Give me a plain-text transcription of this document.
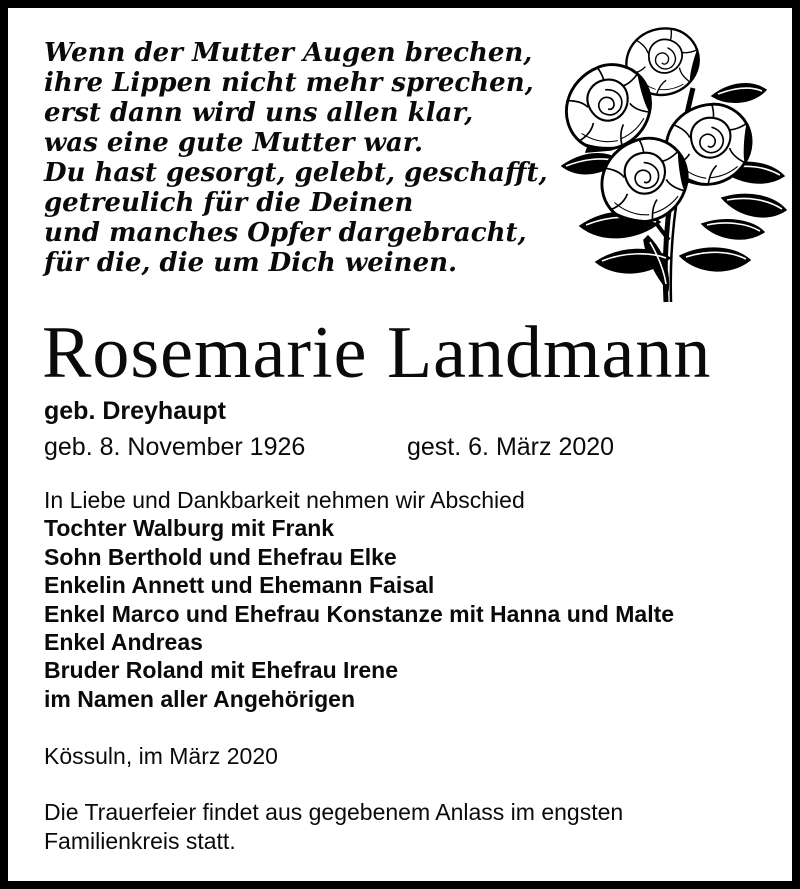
Wenn der Mutter Augen brechen,
ihre Lippen nicht mehr sprechen,
erst dann wird uns allen klar,
was eine gute Mutter war.
Du hast gesorgt, gelebt, geschafft,
getreulich für die Deinen
und manches Opfer dargebracht,
für die, die um Dich weinen.
Rosemarie Landmann
geb. Dreyhaupt
geb. 8. November 1926	gest. 6. März 2020
In Liebe und Dankbarkeit nehmen wir Abschied
Tochter Walburg mit Frank
Sohn Berthold und Ehefrau Elke
Enkelin Annett und Ehemann Faisal
Enkel Marco und Ehefrau Konstanze mit Hanna und Malte
Enkel Andreas
Bruder Roland mit Ehefrau Irene
im Namen aller Angehörigen
Kössuln, im März 2020
Die Trauerfeier findet aus gegebenem Anlass im engsten Familienkreis statt.
